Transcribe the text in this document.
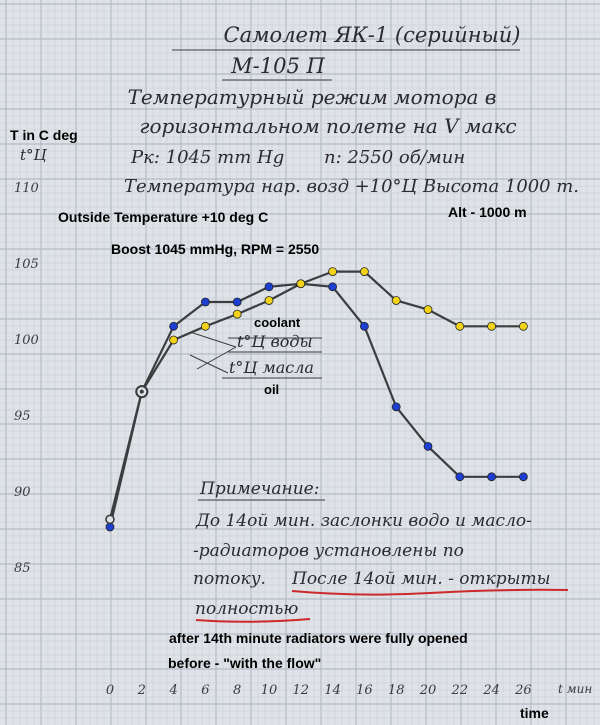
Самолет ЯК-1 (серийный)
М-105 П
Температурный режим мотора в
горизонтальном полете на V макс
Рк: 1045 mm Hg n: 2550 об/мин
Температура нар. возд +10°Ц Высота 1000 m.
T in C deg
t°Ц
85
90
95
100
105
110
0 2 4 6 8 10 12 14 16 18 20 22 24 26 t мин
time
Outside Temperature +10 deg C	Alt - 1000 m
Boost 1045 mmHg, RPM = 2550
t°Ц воды
t°Ц масла
coolant
oil
Примечание:
До 14ой мин. заслонки водо и масло-
-радиаторов установлены по
потоку. После 14ой мин. - открыты
полностью
after 14th minute radiators were fully opened
before - "with the flow"
